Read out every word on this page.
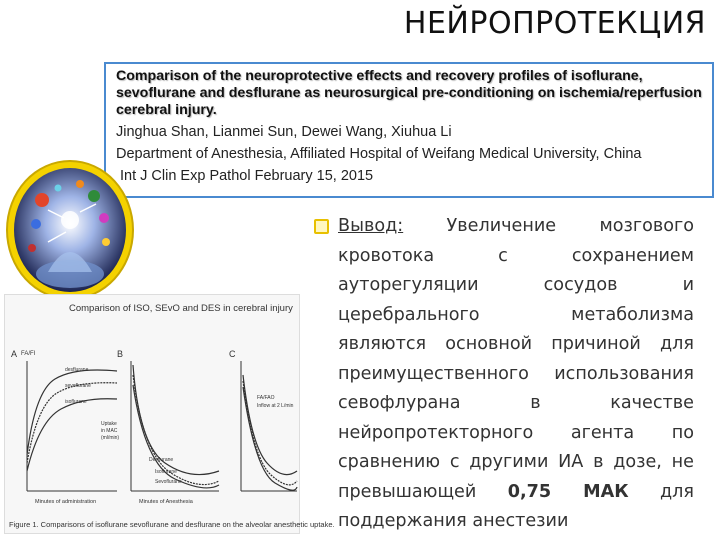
НЕЙРОПРОТЕКЦИЯ
Comparison of the neuroprotective effects and recovery profiles of isoflurane, sevoflurane and desflurane as neurosurgical pre-conditioning on ischemia/reperfusion cerebral injury.
Jinghua Shan, Lianmei Sun, Dewei Wang, Xiuhua Li
Department of Anesthesia, Affiliated Hospital of Weifang Medical University, China
Int J Clin Exp Pathol February 15, 2015
Comparison of ISO, SEvO and DES in cerebral injury
A FA/FI
desflurane
sevoflurane
isoflurane
Minutes of administration
B
Uptake
in MAC
(ml/min)
Desflurane
Isoflurane
Sevoflurane
Minutes of Anesthesia
C
FA/FAO
Inflow at 2 L/min
Figure 1. Comparisons of isoflurane sevoflurane and desflurane on the alveolar anesthetic uptake.
Вывод: Увеличение мозгового кровотока с сохранением ауторегуляции сосудов и церебрального метаболизма являются основной причиной для преимущественного использования севофлурана в качестве нейропротекторного агента по сравнению с другими ИА в дозе, не превышающей 0,75 МАК для поддержания анестезии
